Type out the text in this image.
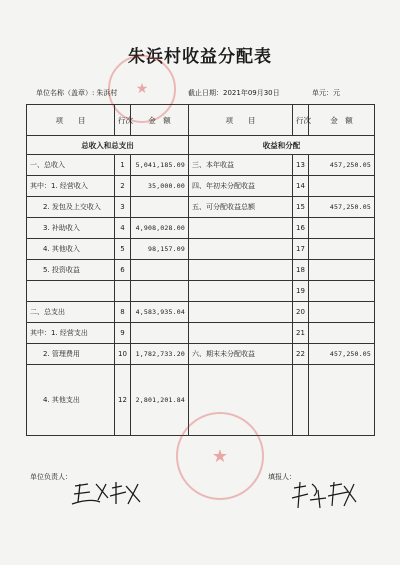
朱浜村收益分配表
★
单位名称（盖章）: 朱浜村	截止日期：2021年09月30日	单元：元
项　　目	行次	金　额	项　　目	行次	金　额
总收入和总支出			收益和分配		
一、总收入	1	5,041,185.09	三、本年收益	13	457,250.05
其中：1. 经营收入	2	35,000.00	四、年初未分配收益	14	
2. 发包及上交收入	3		五、可分配收益总额	15	457,250.05
3. 补助收入	4	4,908,028.00		16	
4. 其他收入	5	98,157.09		17	
5. 投资收益	6			18	
				19	
二、总支出	8	4,583,935.04		20	
其中：1. 经营支出	9			21	
2. 管理费用	10	1,782,733.20	六、期末未分配收益	22	457,250.05
4. 其他支出	12	2,801,201.84			
★
单位负责人：	填报人：
